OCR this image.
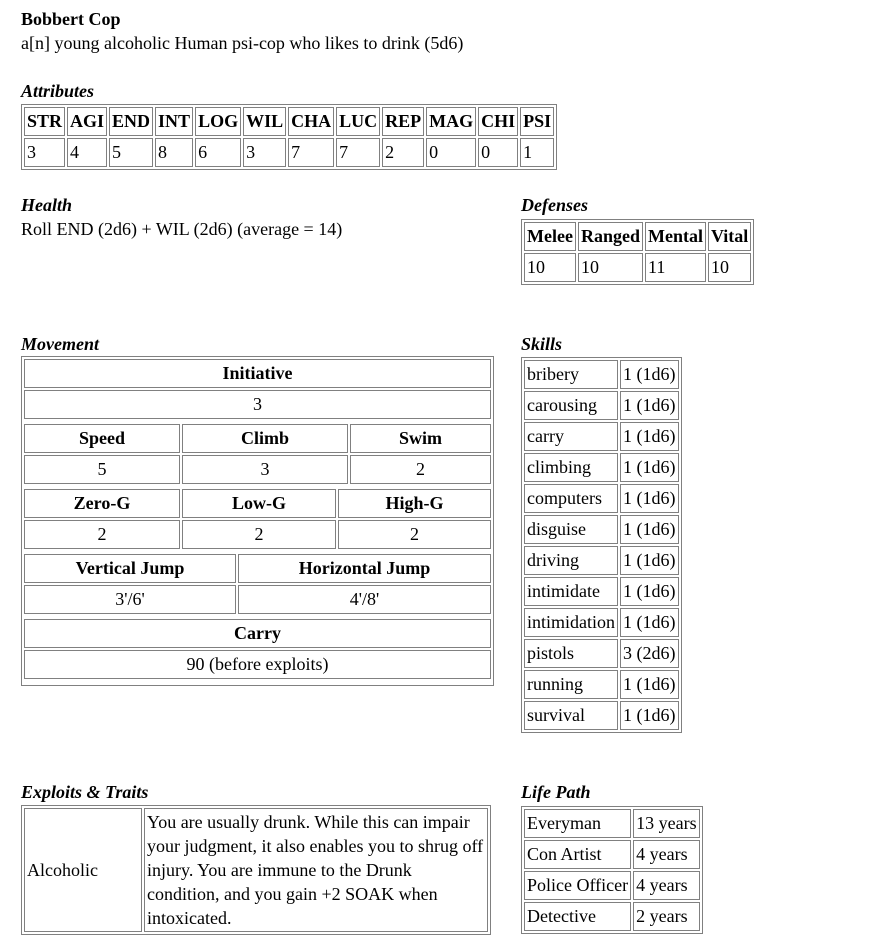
Bobbert Cop
a[n] young alcoholic Human psi-cop who likes to drink (5d6)
Attributes
STR	AGI	END	INT	LOG	WIL	CHA	LUC	REP	MAG	CHI	PSI
3	4	5	8	6	3	7	7	2	0	0	1
Health
Roll END (2d6) + WIL (2d6) (average = 14)
Defenses
Melee	Ranged	Mental	Vital
10	10	11	10
Movement
Initiative
3
Speed	Climb	Swim
5	3	2
Zero-G	Low-G	High-G
2	2	2
Vertical Jump	Horizontal Jump
3'/6'	4'/8'
Carry
90 (before exploits)
Skills
bribery	1 (1d6)
carousing	1 (1d6)
carry	1 (1d6)
climbing	1 (1d6)
computers	1 (1d6)
disguise	1 (1d6)
driving	1 (1d6)
intimidate	1 (1d6)
intimidation	1 (1d6)
pistols	3 (2d6)
running	1 (1d6)
survival	1 (1d6)
Exploits & Traits
Alcoholic	You are usually drunk. While this can impair your judgment, it also enables you to shrug off injury. You are immune to the Drunk condition, and you gain +2 SOAK when intoxicated.
Life Path
Everyman	13 years
Con Artist	4 years
Police Officer	4 years
Detective	2 years
